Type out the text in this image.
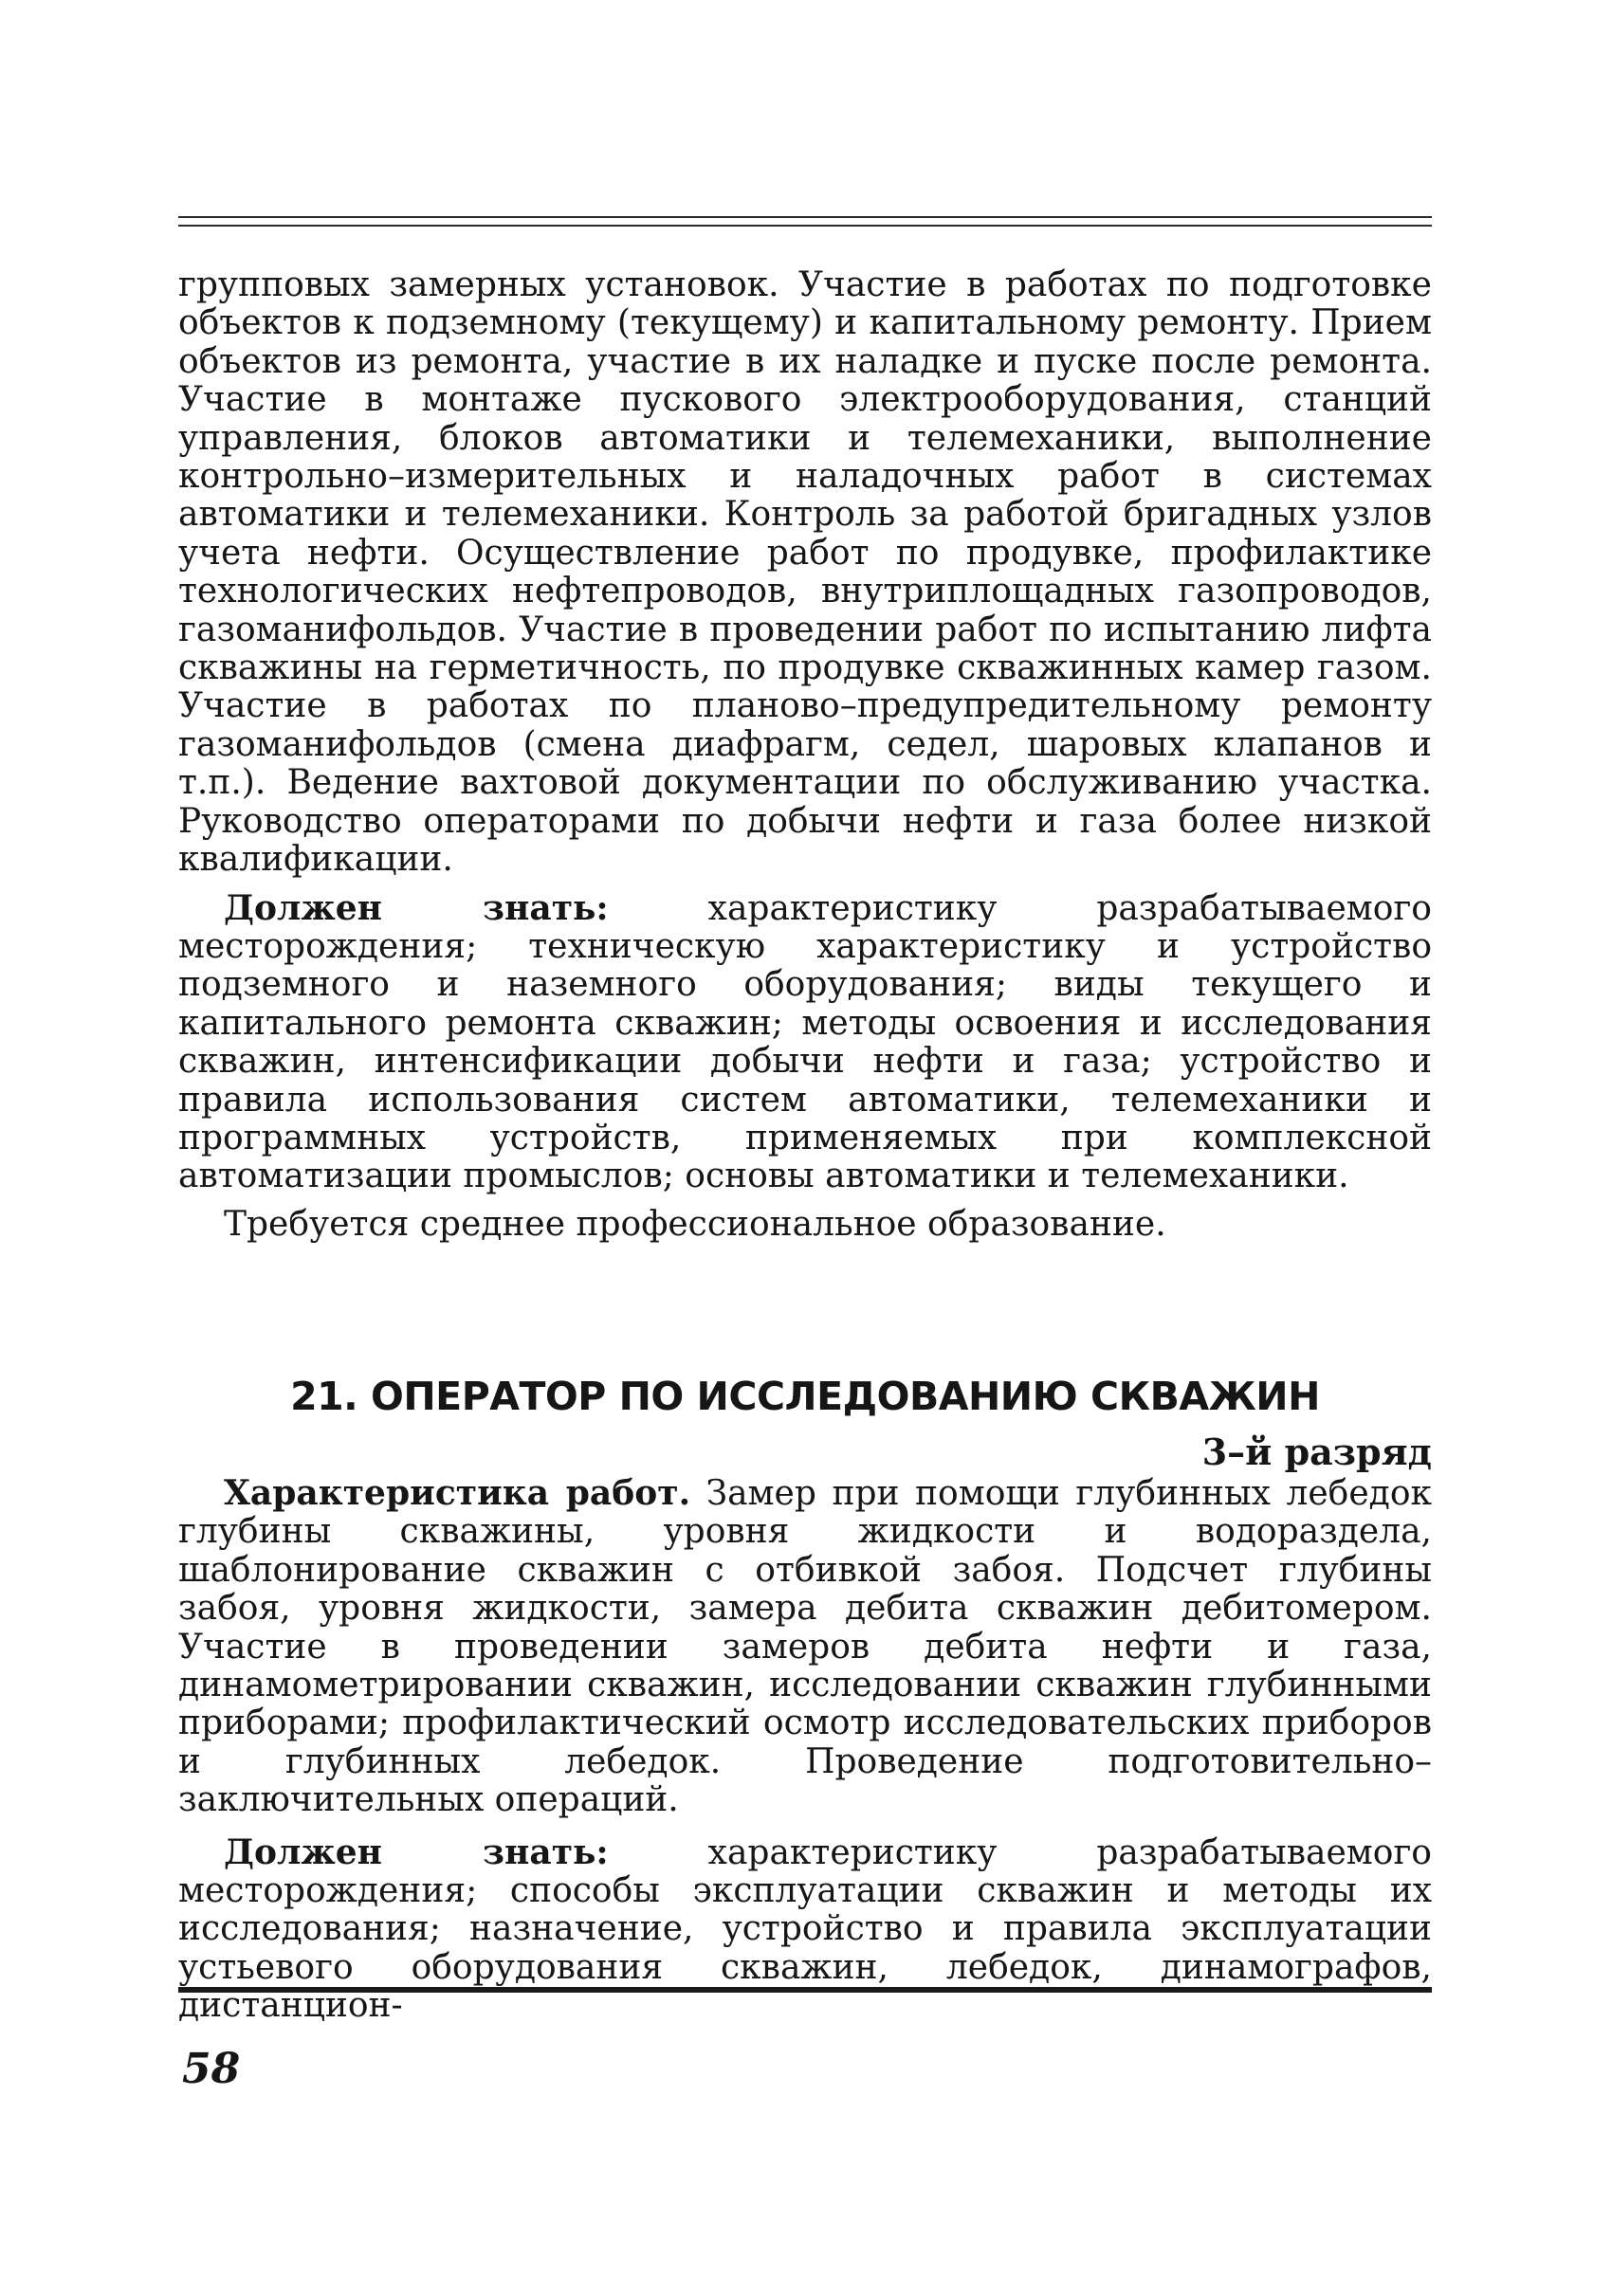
групповых замерных установок. Участие в работах по подготовке объектов к подземному (текущему) и капитальному ремонту. Прием объектов из ремонта, участие в их наладке и пуске после ремонта. Участие в монтаже пускового электрооборудования, станций управления, блоков автоматики и телемеханики, выполнение контрольно–измерительных и наладочных работ в системах автоматики и телемеханики. Контроль за работой бригадных узлов учета нефти. Осуществление работ по продувке, профилактике технологических нефтепроводов, внутриплощадных газопроводов, газоманифольдов. Участие в проведении работ по испытанию лифта скважины на герметичность, по продувке скважинных камер газом. Участие в работах по планово–предупредительному ремонту газоманифольдов (смена диафрагм, седел, шаровых клапанов и т.п.). Ведение вахтовой документации по обслуживанию участка. Руководство операторами по добычи нефти и газа более низкой квалификации.

Должен знать: характеристику разрабатываемого месторождения; техническую характеристику и устройство подземного и наземного оборудования; виды текущего и капитального ремонта скважин; методы освоения и исследования скважин, интенсификации добычи нефти и газа; устройство и правила использования систем автоматики, телемеханики и программных устройств, применяемых при комплексной автоматизации промыслов; основы автоматики и телемеханики.

Требуется среднее профессиональное образование.

21. ОПЕРАТОР ПО ИССЛЕДОВАНИЮ СКВАЖИН
3–й разряд

Характеристика работ. Замер при помощи глубинных лебедок глубины скважины, уровня жидкости и водораздела, шаблонирование скважин с отбивкой забоя. Подсчет глубины забоя, уровня жидкости, замера дебита скважин дебитомером. Участие в проведении замеров дебита нефти и газа, динамометрировании скважин, исследовании скважин глубинными приборами; профилактический осмотр исследовательских приборов и глубинных лебедок. Проведение подготовительно–заключительных операций.

Должен знать: характеристику разрабатываемого месторождения; способы эксплуатации скважин и методы их исследования; назначение, устройство и правила эксплуатации устьевого оборудования скважин, лебедок, динамографов, дистанцион-

58
